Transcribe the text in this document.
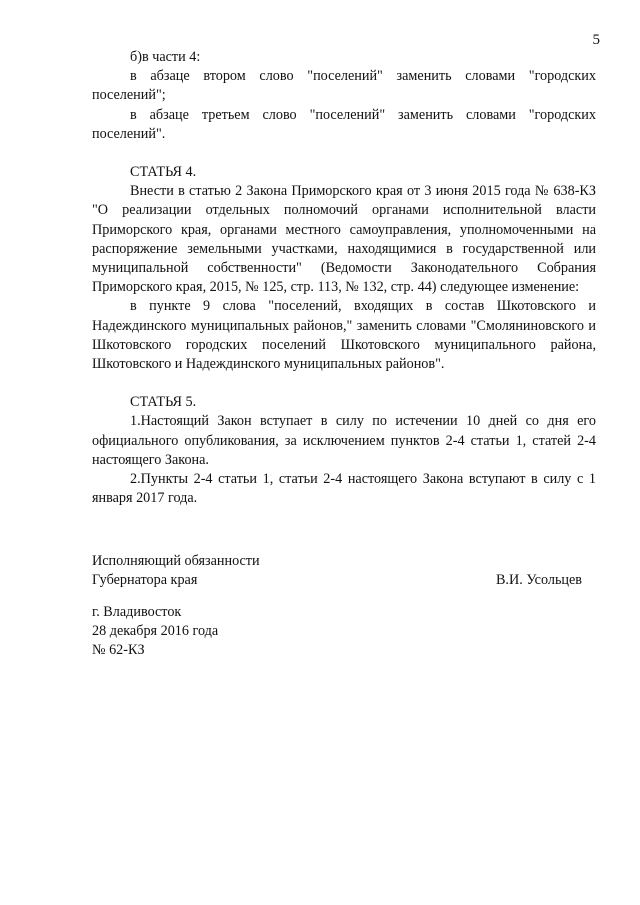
5

б)в части 4:

в абзаце втором слово "поселений" заменить словами "городских поселений";

в абзаце третьем слово "поселений" заменить словами "городских поселений".

СТАТЬЯ 4.

Внести в статью 2 Закона Приморского края от 3 июня 2015 года № 638-КЗ "О реализации отдельных полномочий органами исполнительной власти Приморского края, органами местного самоуправления, уполномоченными на распоряжение земельными участками, находящимися в государственной или муниципальной собственности" (Ведомости Законодательного Собрания Приморского края, 2015, № 125, стр. 113, № 132, стр. 44) следующее изменение:

в пункте 9 слова "поселений, входящих в состав Шкотовского и Надеждинского муниципальных районов," заменить словами "Смоляниновского и Шкотовского городских поселений Шкотовского муниципального района, Шкотовского и Надеждинского муниципальных районов".

СТАТЬЯ 5.

1.Настоящий Закон вступает в силу по истечении 10 дней со дня его официального опубликования, за исключением пунктов 2-4 статьи 1, статей 2-4 настоящего Закона.

2.Пункты 2-4 статьи 1, статьи 2-4 настоящего Закона вступают в силу с 1 января 2017 года.

Исполняющий обязанности
Губернатора края	В.И. Усольцев
г. Владивосток
28 декабря 2016 года
№ 62-КЗ
